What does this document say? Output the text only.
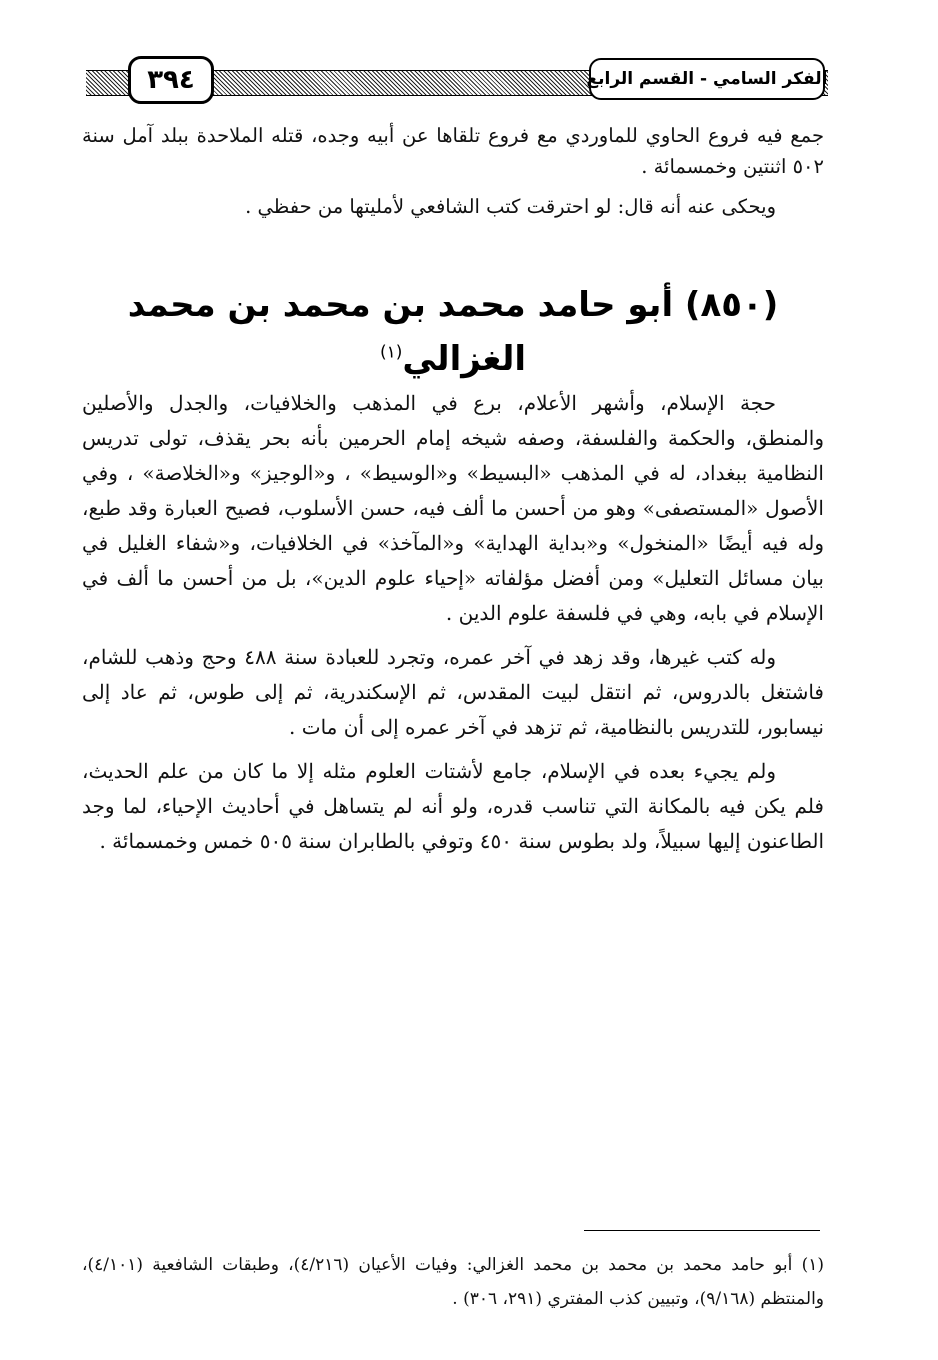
الفكر السامي - القسم الرابع
٣٩٤

جمع فيه فروع الحاوي للماوردي مع فروع تلقاها عن أبيه وجده، قتله الملاحدة ببلد آمل سنة ٥٠٢ اثنتين وخمسمائة .

ويحكى عنه أنه قال: لو احترقت كتب الشافعي لأمليتها من حفظي .

(٨٥٠) أبو حامد محمد بن محمد بن محمد الغزالي$^{(١)}$

حجة الإسلام، وأشهر الأعلام، برع في المذهب والخلافيات، والجدل والأصلين والمنطق، والحكمة والفلسفة، وصفه شيخه إمام الحرمين بأنه بحر يقذف، تولى تدريس النظامية ببغداد، له في المذهب «البسيط» و«الوسيط» ، و«الوجيز» و«الخلاصة» ، وفي الأصول «المستصفى» وهو من أحسن ما ألف فيه، حسن الأسلوب، فصيح العبارة وقد طبع، وله فيه أيضًا «المنخول» و«بداية الهداية» و«المآخذ» في الخلافيات، و«شفاء الغليل في بيان مسائل التعليل» ومن أفضل مؤلفاته «إحياء علوم الدين»، بل من أحسن ما ألف في الإسلام في بابه، وهي في فلسفة علوم الدين .

وله كتب غيرها، وقد زهد في آخر عمره، وتجرد للعبادة سنة ٤٨٨ وحج وذهب للشام، فاشتغل بالدروس، ثم انتقل لبيت المقدس، ثم الإسكندرية، ثم إلى طوس، ثم عاد إلى نيسابور، للتدريس بالنظامية، ثم تزهد في آخر عمره إلى أن مات .

ولم يجيء بعده في الإسلام، جامع لأشتات العلوم مثله إلا ما كان من علم الحديث، فلم يكن فيه بالمكانة التي تناسب قدره، ولو أنه لم يتساهل في أحاديث الإحياء، لما وجد الطاعنون إليها سبيلاً، ولد بطوس سنة ٤٥٠ وتوفي بالطابران سنة ٥٠٥ خمس وخمسمائة .

(١) أبو حامد محمد بن محمد بن محمد الغزالي: وفيات الأعيان (٤/٢١٦)، وطبقات الشافعية (٤/١٠١)، والمنتظم (٩/١٦٨)، وتبيين كذب المفتري (٢٩١، ٣٠٦) .
